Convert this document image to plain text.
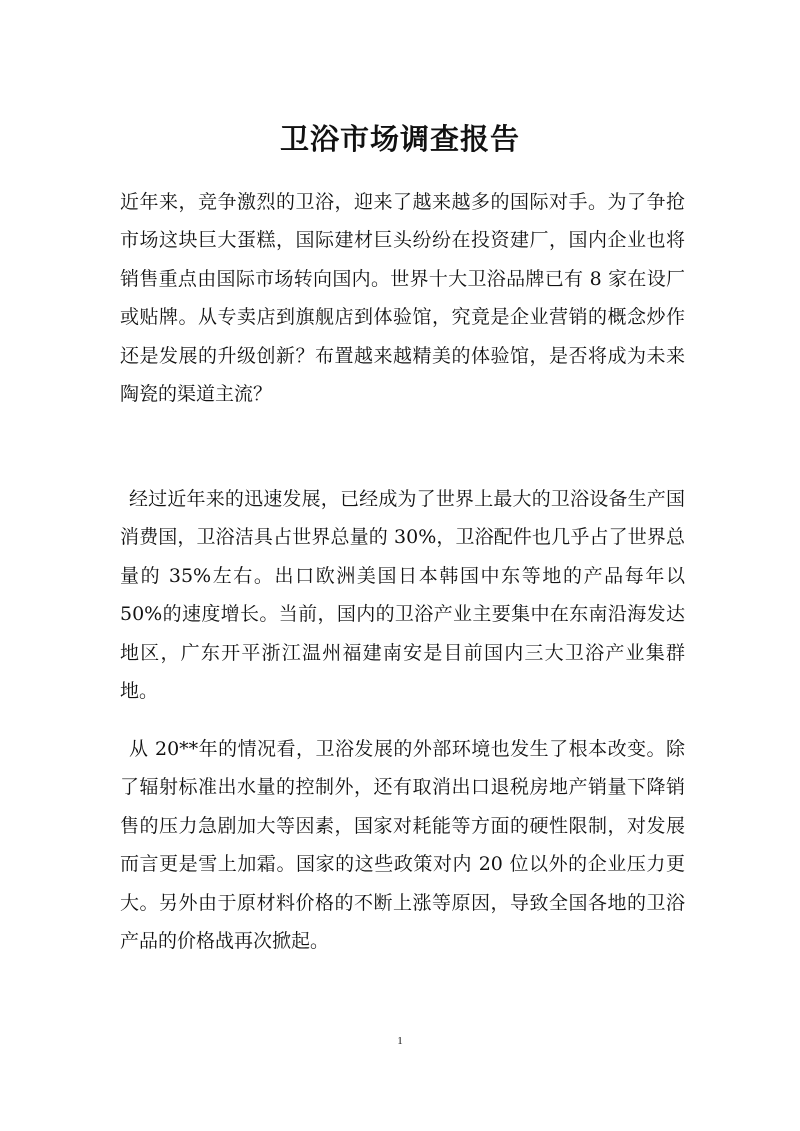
卫浴市场调查报告

近年来，竞争激烈的卫浴，迎来了越来越多的国际对手。为了争抢市场这块巨大蛋糕，国际建材巨头纷纷在投资建厂，国内企业也将销售重点由国际市场转向国内。世界十大卫浴品牌已有 8 家在设厂或贴牌。从专卖店到旗舰店到体验馆，究竟是企业营销的概念炒作还是发展的升级创新？布置越来越精美的体验馆，是否将成为未来陶瓷的渠道主流？

经过近年来的迅速发展，已经成为了世界上最大的卫浴设备生产国消费国，卫浴洁具占世界总量的 30%，卫浴配件也几乎占了世界总量的 35%左右。出口欧洲美国日本韩国中东等地的产品每年以 50%的速度增长。当前，国内的卫浴产业主要集中在东南沿海发达地区，广东开平浙江温州福建南安是目前国内三大卫浴产业集群地。

从 20**年的情况看，卫浴发展的外部环境也发生了根本改变。除了辐射标准出水量的控制外，还有取消出口退税房地产销量下降销售的压力急剧加大等因素，国家对耗能等方面的硬性限制，对发展而言更是雪上加霜。国家的这些政策对内 20 位以外的企业压力更大。另外由于原材料价格的不断上涨等原因，导致全国各地的卫浴产品的价格战再次掀起。

1
